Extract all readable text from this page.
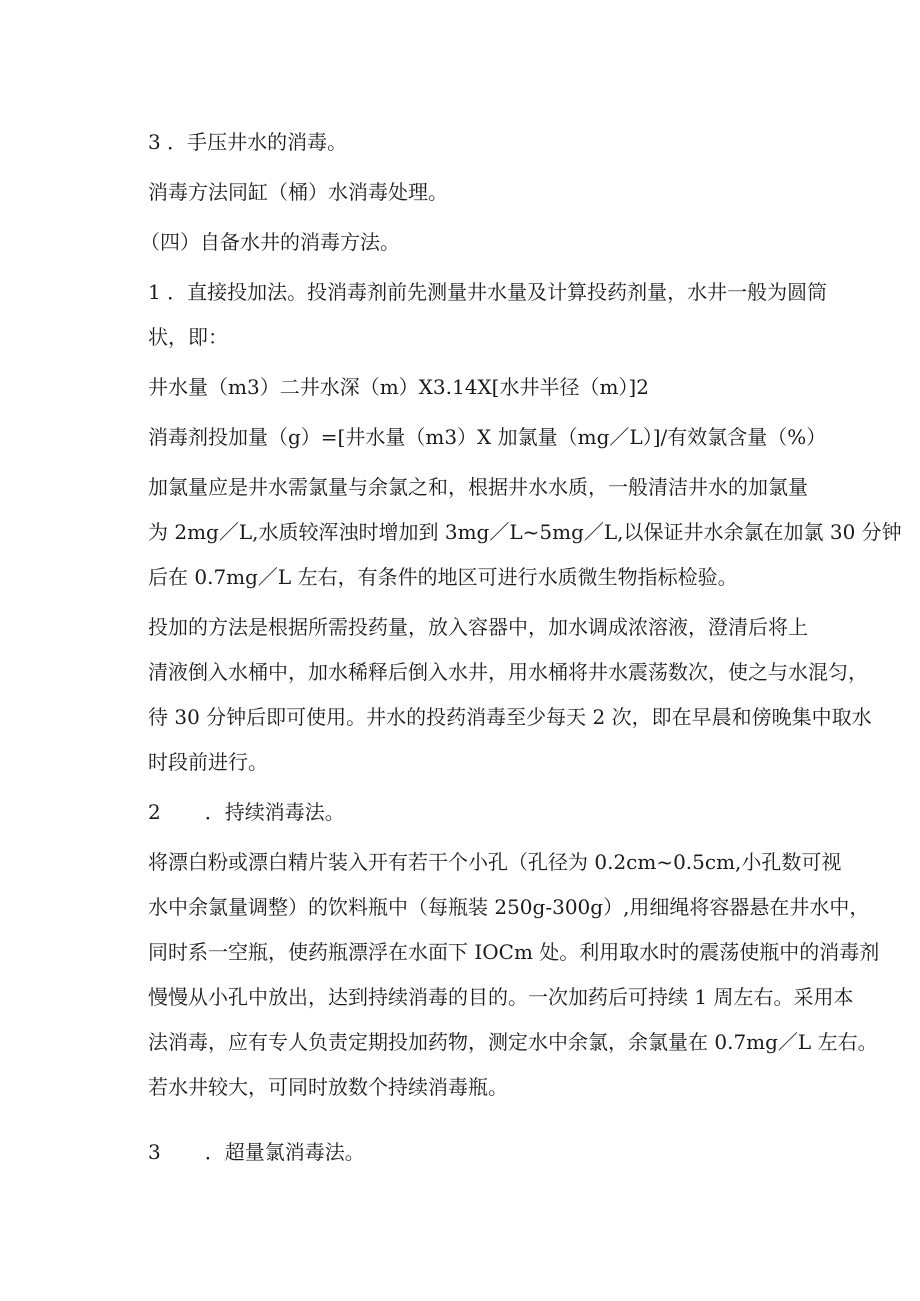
3 ．手压井水的消毒。
消毒方法同缸（桶）水消毒处理。
（四）自备水井的消毒方法。
1 ．直接投加法。投消毒剂前先测量井水量及计算投药剂量，水井一般为圆筒
状，即：
井水量（m3）二井水深（m）X3.14X[水井半径（m）]2
消毒剂投加量（g）=[井水量（m3）X 加氯量（mg／L）]/有效氯含量（%）
加氯量应是井水需氯量与余氯之和，根据井水水质，一般清洁井水的加氯量
为 2mg／L,水质较浑浊时增加到 3mg／L~5mg／L,以保证井水余氯在加氯 30 分钟
后在 0.7mg／L 左右，有条件的地区可进行水质微生物指标检验。
投加的方法是根据所需投药量，放入容器中，加水调成浓溶液，澄清后将上
清液倒入水桶中，加水稀释后倒入水井，用水桶将井水震荡数次，使之与水混匀，
待 30 分钟后即可使用。井水的投药消毒至少每天 2 次，即在早晨和傍晚集中取水
时段前进行。
2 ．持续消毒法。
将漂白粉或漂白精片装入开有若干个小孔（孔径为 0.2cm~0.5cm,小孔数可视
水中余氯量调整）的饮料瓶中（每瓶装 250g-300g）,用细绳将容器悬在井水中，
同时系一空瓶，使药瓶漂浮在水面下 IOCm 处。利用取水时的震荡使瓶中的消毒剂
慢慢从小孔中放出，达到持续消毒的目的。一次加药后可持续 1 周左右。采用本
法消毒，应有专人负责定期投加药物，测定水中余氯，余氯量在 0.7mg／L 左右。
若水井较大，可同时放数个持续消毒瓶。
3 ．超量氯消毒法。
